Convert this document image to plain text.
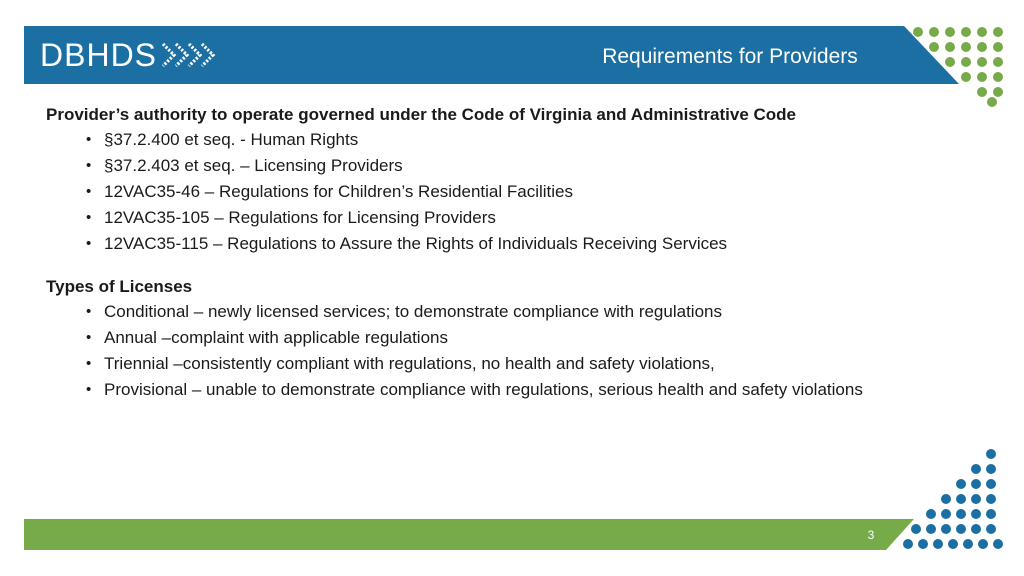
DBHDS	Requirements for Providers
Provider’s authority to operate governed under the Code of Virginia and Administrative Code
• §37.2.400 et seq. - Human Rights
• §37.2.403 et seq. – Licensing Providers
• 12VAC35-46 – Regulations for Children’s Residential Facilities
• 12VAC35-105 – Regulations for Licensing Providers
• 12VAC35-115 – Regulations to Assure the Rights of Individuals Receiving Services
Types of Licenses
• Conditional – newly licensed services; to demonstrate compliance with regulations
• Annual –complaint with applicable regulations
• Triennial –consistently compliant with regulations, no health and safety violations,
• Provisional – unable to demonstrate compliance with regulations, serious health and safety violations
3
